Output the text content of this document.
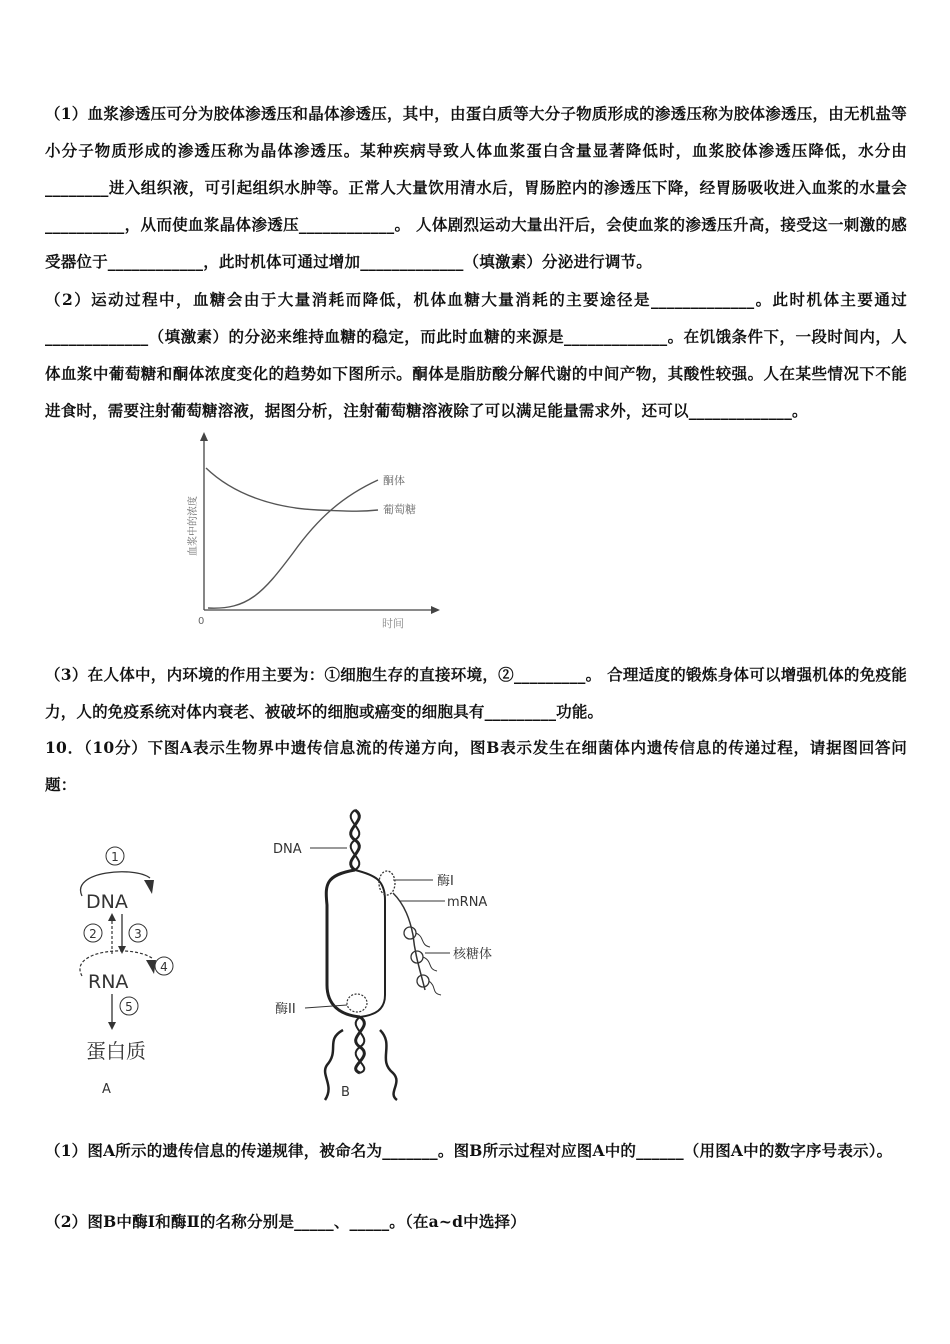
（1）血浆渗透压可分为胶体渗透压和晶体渗透压，其中，由蛋白质等大分子物质形成的渗透压称为胶体渗透压，由无机盐等小分子物质形成的渗透压称为晶体渗透压。某种疾病导致人体血浆蛋白含量显著降低时，血浆胶体渗透压降低，水分由________进入组织液，可引起组织水肿等。正常人大量饮用清水后，胃肠腔内的渗透压下降，经胃肠吸收进入血浆的水量会__________，从而使血浆晶体渗透压____________。 人体剧烈运动大量出汗后，会使血浆的渗透压升高，接受这一刺激的感受器位于____________，此时机体可通过增加_____________（填激素）分泌进行调节。
（2）运动过程中，血糖会由于大量消耗而降低，机体血糖大量消耗的主要途径是_____________。此时机体主要通过_____________（填激素）的分泌来维持血糖的稳定，而此时血糖的来源是_____________。在饥饿条件下，一段时间内，人体血浆中葡萄糖和酮体浓度变化的趋势如下图所示。酮体是脂肪酸分解代谢的中间产物，其酸性较强。人在某些情况下不能进食时，需要注射葡萄糖溶液，据图分析，注射葡萄糖溶液除了可以满足能量需求外，还可以_____________。
血浆中的浓度
0	时间
酮体
葡萄糖
（3）在人体中，内环境的作用主要为：①细胞生存的直接环境，②_________。 合理适度的锻炼身体可以增强机体的免疫能力，人的免疫系统对体内衰老、被破坏的细胞或癌变的细胞具有_________功能。
10．（10分）下图A表示生物界中遗传信息流的传递方向，图B表示发生在细菌体内遗传信息的传递过程，请据图回答问题：
1
DNA
2	3
4
RNA
5
蛋白质
A
DNA
酶I
mRNA
核糖体
酶II
B
（1）图A所示的遗传信息的传递规律，被命名为_______。图B所示过程对应图A中的______（用图A中的数字序号表示）。
（2）图B中酶Ⅰ和酶Ⅱ的名称分别是_____、_____。（在a~d中选择）
